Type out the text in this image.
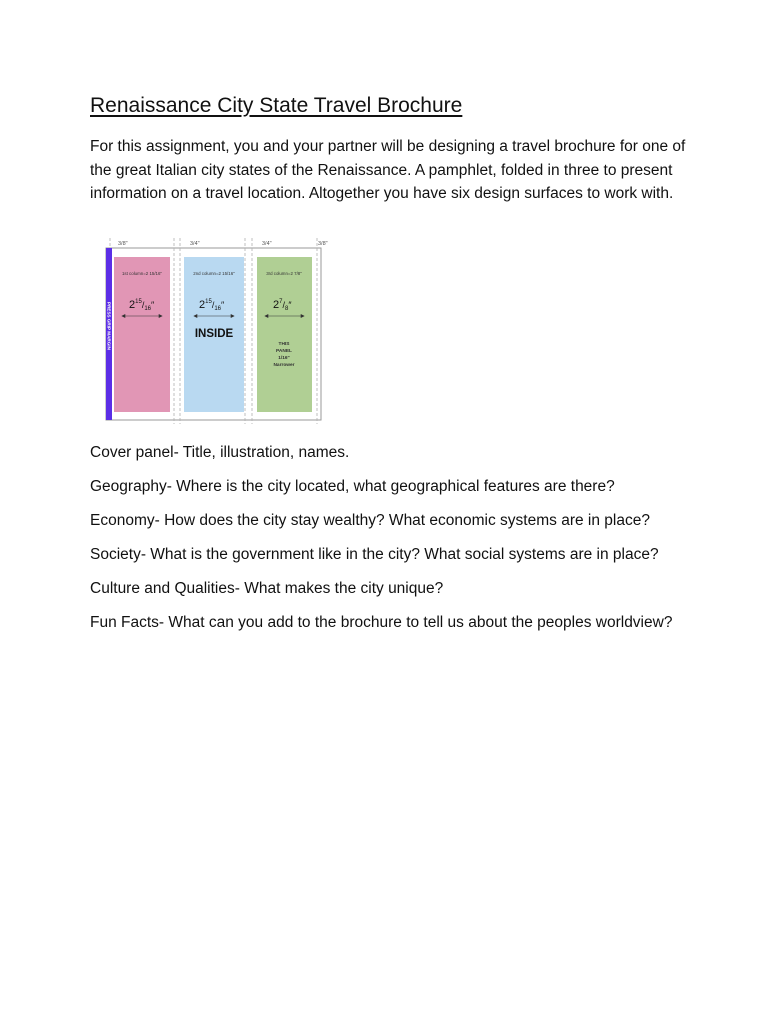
Renaissance City State Travel Brochure
For this assignment, you and your partner will be designing a travel brochure for one of the great Italian city states of the Renaissance. A pamphlet, folded in three to present information on a travel location. Altogether you have six design surfaces to work with.
3/8"	3/4"	3/4"	3/8"
PRESS GRIP MARGIN
1st column=2 15/16"
$2^{15}_/16''$
2nd column=2 15/16"
$2^{15}_/16''$
INSIDE
3rd column=2 7/8"
$2^7_/8''$
THIS
PANEL
1/16"
Narrower

Cover panel- Title, illustration, names.

Geography- Where is the city located, what geographical features are there?

Economy- How does the city stay wealthy? What economic systems are in place?

Society- What is the government like in the city? What social systems are in place?

Culture and Qualities- What makes the city unique?

Fun Facts- What can you add to the brochure to tell us about the peoples worldview?
